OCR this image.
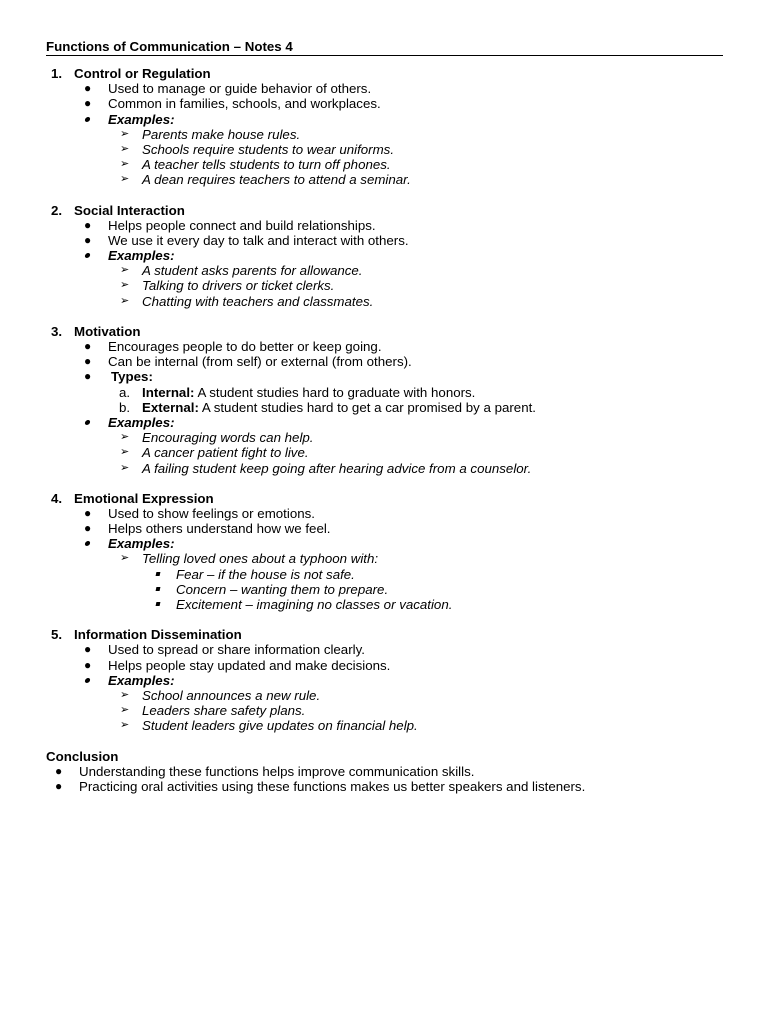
Functions of Communication – Notes 4
1. Control or Regulation
● Used to manage or guide behavior of others.
● Common in families, schools, and workplaces.
Examples:
➢ Parents make house rules.
➢ Schools require students to wear uniforms.
➢ A teacher tells students to turn off phones.
➢ A dean requires teachers to attend a seminar.
2. Social Interaction
● Helps people connect and build relationships.
● We use it every day to talk and interact with others.
Examples:
➢ A student asks parents for allowance.
➢ Talking to drivers or ticket clerks.
➢ Chatting with teachers and classmates.
3. Motivation
● Encourages people to do better or keep going.
● Can be internal (from self) or external (from others).
● Types:
a. Internal: A student studies hard to graduate with honors.
b. External: A student studies hard to get a car promised by a parent.
Examples:
➢ Encouraging words can help.
➢ A cancer patient fight to live.
➢ A failing student keep going after hearing advice from a counselor.
4. Emotional Expression
● Used to show feelings or emotions.
● Helps others understand how we feel.
Examples:
➢ Telling loved ones about a typhoon with:
Fear – if the house is not safe.
Concern – wanting them to prepare.
Excitement – imagining no classes or vacation.
5. Information Dissemination
● Used to spread or share information clearly.
● Helps people stay updated and make decisions.
Examples:
➢ School announces a new rule.
➢ Leaders share safety plans.
➢ Student leaders give updates on financial help.
Conclusion
● Understanding these functions helps improve communication skills.
● Practicing oral activities using these functions makes us better speakers and listeners.
